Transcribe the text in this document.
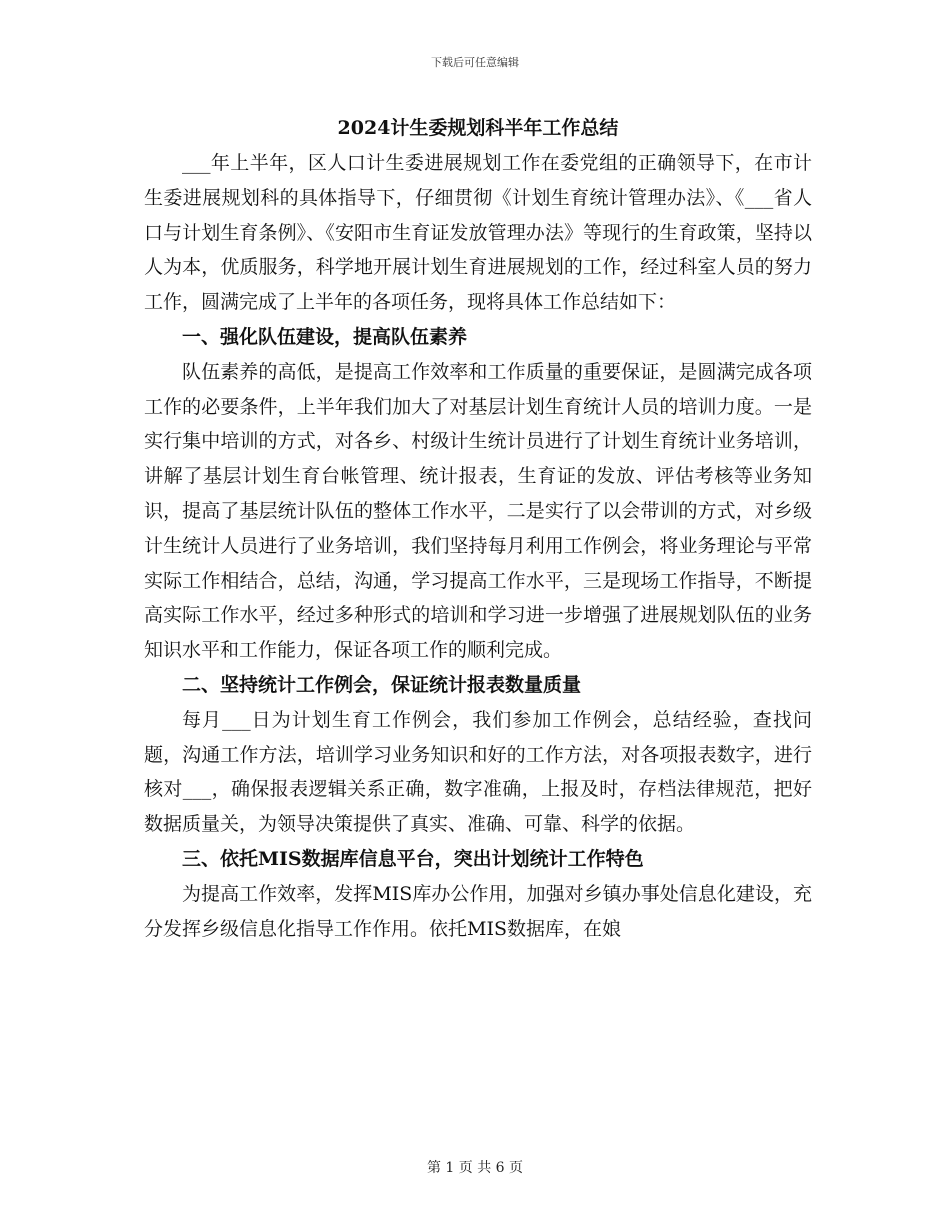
下载后可任意编辑
2024计生委规划科半年工作总结

___年上半年，区人口计生委进展规划工作在委党组的正确领导下，在市计生委进展规划科的具体指导下，仔细贯彻《计划生育统计管理办法》、《___省人口与计划生育条例》、《安阳市生育证发放管理办法》等现行的生育政策，坚持以人为本，优质服务，科学地开展计划生育进展规划的工作，经过科室人员的努力工作，圆满完成了上半年的各项任务，现将具体工作总结如下：

一、强化队伍建设，提高队伍素养

队伍素养的高低，是提高工作效率和工作质量的重要保证，是圆满完成各项工作的必要条件，上半年我们加大了对基层计划生育统计人员的培训力度。一是实行集中培训的方式，对各乡、村级计生统计员进行了计划生育统计业务培训，讲解了基层计划生育台帐管理、统计报表，生育证的发放、评估考核等业务知识，提高了基层统计队伍的整体工作水平，二是实行了以会带训的方式，对乡级计生统计人员进行了业务培训，我们坚持每月利用工作例会，将业务理论与平常实际工作相结合，总结，沟通，学习提高工作水平，三是现场工作指导，不断提高实际工作水平，经过多种形式的培训和学习进一步增强了进展规划队伍的业务知识水平和工作能力，保证各项工作的顺利完成。

二、坚持统计工作例会，保证统计报表数量质量

每月___日为计划生育工作例会，我们参加工作例会，总结经验，查找问题，沟通工作方法，培训学习业务知识和好的工作方法，对各项报表数字，进行核对___，确保报表逻辑关系正确，数字准确，上报及时，存档法律规范，把好数据质量关，为领导决策提供了真实、准确、可靠、科学的依据。

三、依托MIS数据库信息平台，突出计划统计工作特色

为提高工作效率，发挥MIS库办公作用，加强对乡镇办事处信息化建设，充分发挥乡级信息化指导工作作用。依托MIS数据库，在娘

第 1 页 共 6 页
